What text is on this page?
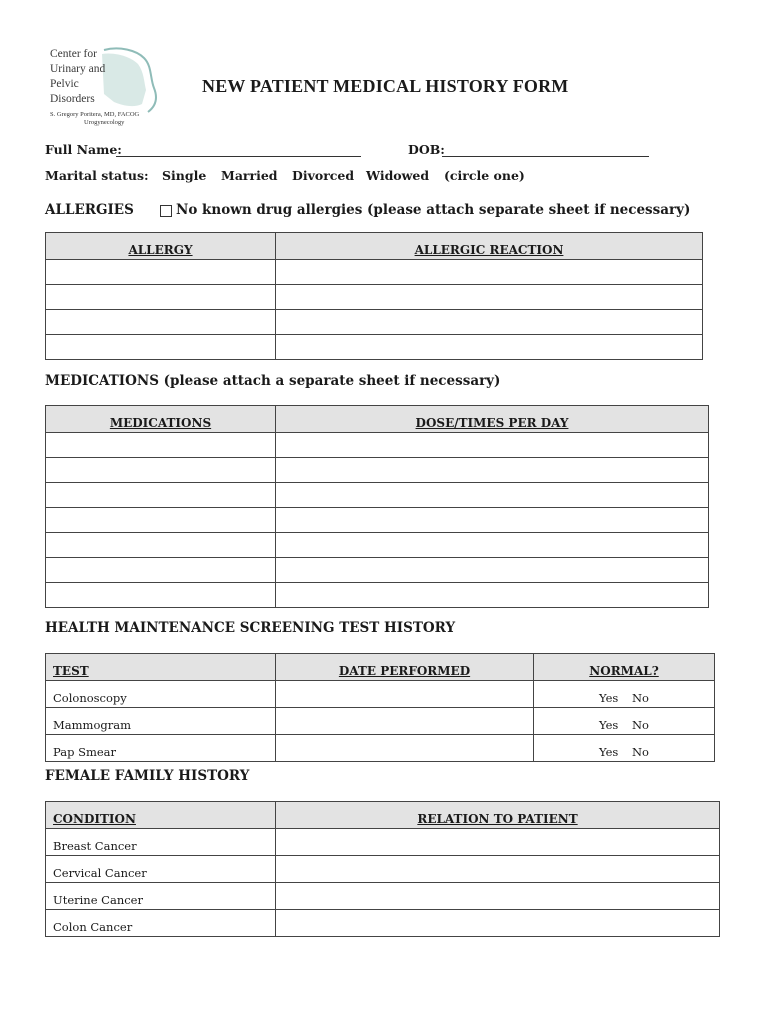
Center for
Urinary and
Pelvic
Disorders
S. Gregory Poritera, MD, FACOG
Urogynecology
NEW PATIENT MEDICAL HISTORY FORM
Full Name:	DOB:
Marital status: Single Married Divorced Widowed (circle one)
ALLERGIES	No known drug allergies (please attach separate sheet if necessary)
ALLERGY	ALLERGIC REACTION

MEDICATIONS (please attach a separate sheet if necessary)
MEDICATIONS	DOSE/TIMES PER DAY

HEALTH MAINTENANCE SCREENING TEST HISTORY
TEST	DATE PERFORMED	NORMAL?
Colonoscopy		Yes No
Mammogram		Yes No
Pap Smear		Yes No
FEMALE FAMILY HISTORY
CONDITION	RELATION TO PATIENT
Breast Cancer	
Cervical Cancer	
Uterine Cancer	
Colon Cancer	
